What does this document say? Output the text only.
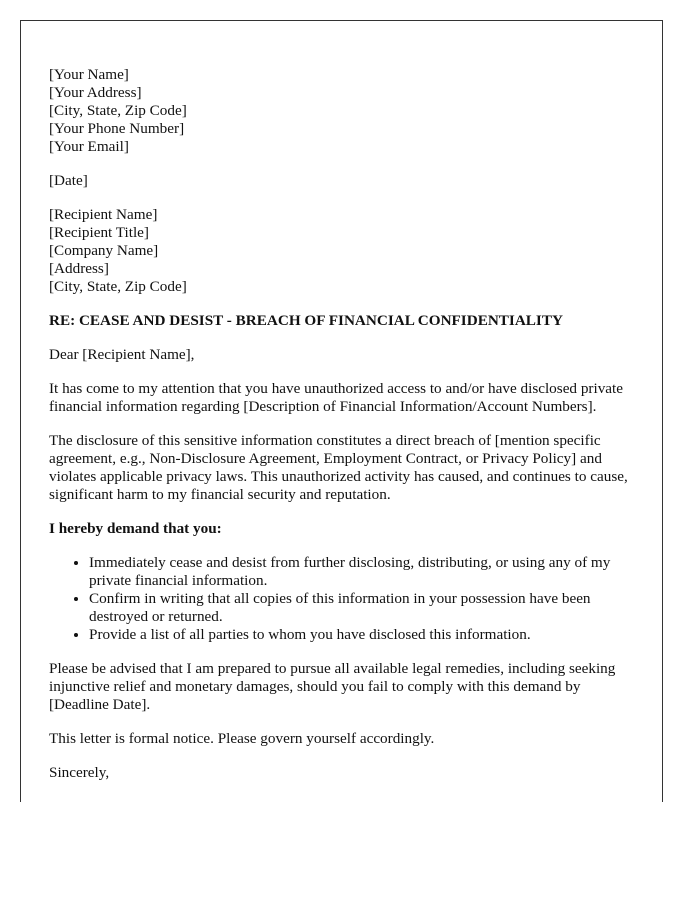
[Your Name]
[Your Address]
[City, State, Zip Code]
[Your Phone Number]
[Your Email]

[Date]

[Recipient Name]
[Recipient Title]
[Company Name]
[Address]
[City, State, Zip Code]

RE: CEASE AND DESIST - BREACH OF FINANCIAL CONFIDENTIALITY

Dear [Recipient Name],

It has come to my attention that you have unauthorized access to and/or have disclosed private financial information regarding [Description of Financial Information/Account Numbers].

The disclosure of this sensitive information constitutes a direct breach of [mention specific agreement, e.g., Non-Disclosure Agreement, Employment Contract, or Privacy Policy] and violates applicable privacy laws. This unauthorized activity has caused, and continues to cause, significant harm to my financial security and reputation.

I hereby demand that you:

• Immediately cease and desist from further disclosing, distributing, or using any of my private financial information.
• Confirm in writing that all copies of this information in your possession have been destroyed or returned.
• Provide a list of all parties to whom you have disclosed this information.

Please be advised that I am prepared to pursue all available legal remedies, including seeking injunctive relief and monetary damages, should you fail to comply with this demand by [Deadline Date].

This letter is formal notice. Please govern yourself accordingly.

Sincerely,
